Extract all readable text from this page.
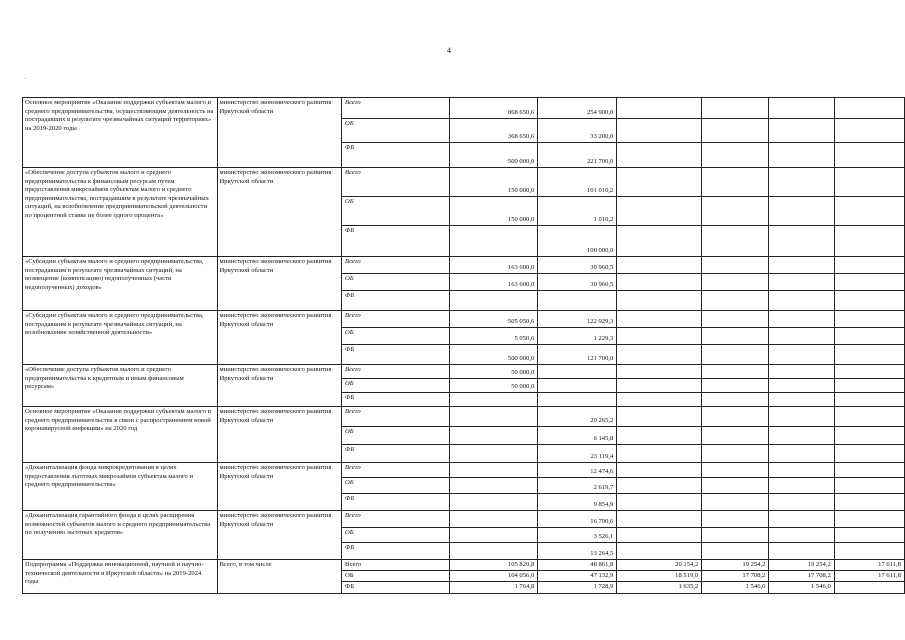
4
.
Основное мероприятие «Оказание поддержки субъектам малого и среднего предпринимательства, осуществляющим деятельность на пострадавших в результате чрезвычайных ситуаций территориях» на 2019-2020 годы	министерство экономического развития Иркутской области	Всего	868 650,6	254 900,0				
		ОБ	368 650,6	33 200,0				
		ФБ	500 000,0	221 700,0				
«Обеспечение доступа субъектов малого и среднего предпринимательства к финансовым ресурсам путем предоставления микрозаймов субъектам малого и среднего предпринимательства, пострадавшим в результате чрезвычайных ситуаций, на возобновление предпринимательской деятельности по процентной ставке не более одного процента»	министерство экономического развития Иркутской области	Всего	150 000,0	101 010,2				
		ОБ	150 000,0	1 010,2				
		ФБ		100 000,0				
«Субсидии субъектам малого и среднего предпринимательства, пострадавшим в результате чрезвычайных ситуаций, на возмещение (компенсацию) недополученных (части недополученных) доходов»	министерство экономического развития Иркутской области	Всего	163 600,0	30 960,5				
		ОБ	163 600,0	30 960,5				
		ФБ						
«Субсидии субъектам малого и среднего предпринимательства, пострадавшим в результате чрезвычайных ситуаций, на возобновление хозяйственной деятельности»	министерство экономического развития Иркутской области	Всего	505 050,6	122 929,3				
		ОБ	5 050,6	1 229,3				
		ФБ	500 000,0	121 700,0				
«Обеспечение доступа субъектов малого и среднего предпринимательства к кредитным и иным финансовым ресурсам»	министерство экономического развития Иркутской области	Всего	50 000,0					
		ОБ	50 000,0					
		ФБ						
Основное мероприятие «Оказание поддержки субъектам малого и среднего предпринимательства в связи с распространением новой коронавирусной инфекции» на 2020 год	министерство экономического развития Иркутской области	Всего		29 265,2				
		ОБ		6 145,8				
		ФБ		23 119,4				
«Докапитализация фонда микрокредитования в целях предоставления льготных микрозаймов субъектам малого и среднего предпринимательства»	министерство экономического развития Иркутской области	Всего		12 474,6				
		ОБ		2 619,7				
		ФБ		9 854,9				
«Докапитализация гарантийного фонда в целях расширения возможностей субъектов малого и среднего предпринимательства по получению льготных кредитов»	министерство экономического развития Иркутской области	Всего		16 790,6				
		ОБ		3 526,1				
		ФБ		13 264,5				
Подпрограмма «Поддержка инновационной, научной и научно-технической деятельности в Иркутской области» на 2019-2024 годы	Всего, в том числе	Всего	105 820,8	48 861,8	20 154,2	19 254,2	19 254,2	17 611,8
		ОБ	104 056,0	47 132,9	18 519,0	17 708,2	17 708,2	17 611,8
		ФБ	1 764,8	1 728,9	1 635,2	1 546,0	1 546,0	
